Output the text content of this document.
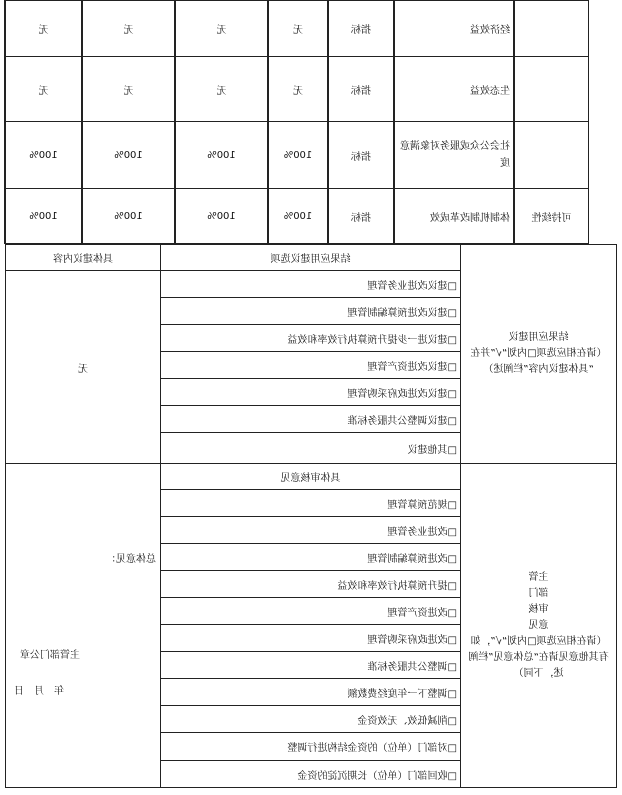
经济效益
指标
无
无
无
无
生态效益
指标
无
无
无
无
社会公众或服务对象满意度
指标
100%
100%
100%
100%
可持续性
体制机制改革成效
指标
100%
100%
100%
100%
结果应用建议
（请在相应选项□内划“√”并在
“具体建议内容”栏阐述）
结果应用建议选项
□建议改进业务管理
□建议改进预算编制管理
□建议进一步提升预算执行效率和效益
□建议改进资产管理
□建议改进政府采购管理
□建议调整公共服务标准
□其他建议
具体建议内容
无
主管
部门
审核
意见
（请在相应选项□内划“√”，如
有其他意见请在“总体意见”栏阐
述，下同）
具体审核意见
□规范预算管理
□改进业务管理
□改进预算编制管理
□提升预算执行效率和效益
□改进资产管理
□改进政府采购管理
□调整公共服务标准
□调整下一年度经费数额
□削减低效、无效资金
□对部门（单位）的资金结构进行调整
□收回部门（单位）长期沉淀的资金
总体意见：
主管部门公章
年　月　日
